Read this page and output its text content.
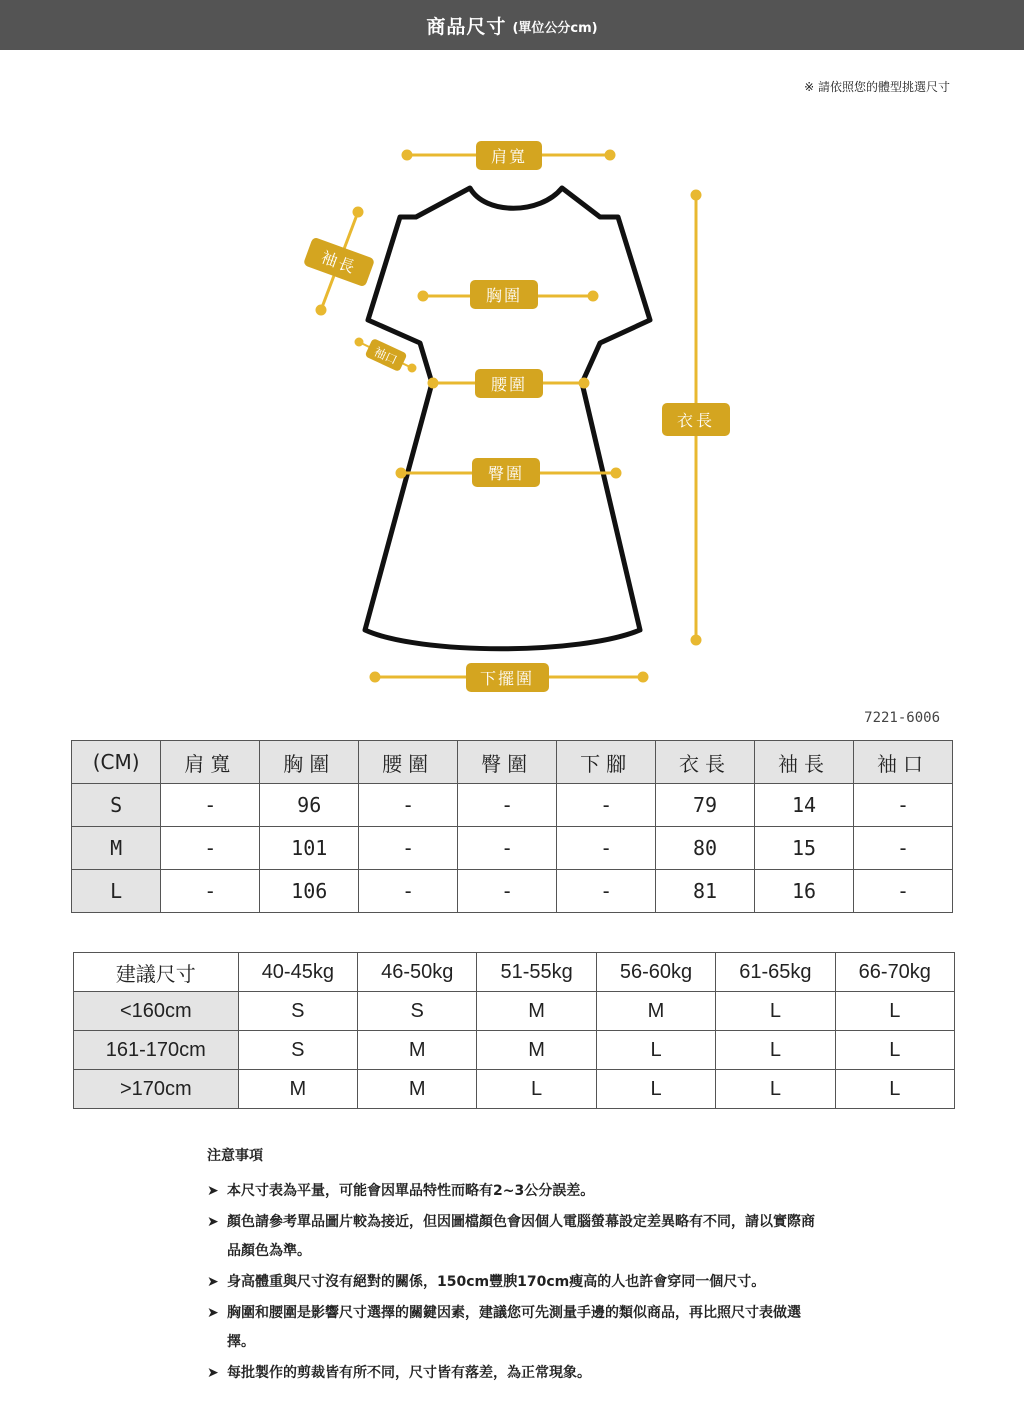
商品尺寸 (單位公分cm)
※ 請依照您的體型挑選尺寸
肩寬
胸圍
腰圍
臀圍
下擺圍
衣長
袖長
袖口
7221-6006
(CM)	肩寬	胸圍	腰圍	臀圍	下腳	衣長	袖長	袖口
S	-	96	-	-	-	79	14	-
M	-	101	-	-	-	80	15	-
L	-	106	-	-	-	81	16	-
建議尺寸	40-45kg	46-50kg	51-55kg	56-60kg	61-65kg	66-70kg
<160cm	S	S	M	M	L	L
161-170cm	S	M	M	L	L	L
>170cm	M	M	L	L	L	L
注意事項
➤ 本尺寸表為平量，可能會因單品特性而略有2~3公分誤差。
➤ 顏色請參考單品圖片較為接近，但因圖檔顏色會因個人電腦螢幕設定差異略有不同，請以實際商品顏色為準。
➤ 身高體重與尺寸沒有絕對的關係，150cm豐腴170cm瘦高的人也許會穿同一個尺寸。
➤ 胸圍和腰圍是影響尺寸選擇的關鍵因素，建議您可先測量手邊的類似商品，再比照尺寸表做選擇。
➤ 每批製作的剪裁皆有所不同，尺寸皆有落差，為正常現象。
